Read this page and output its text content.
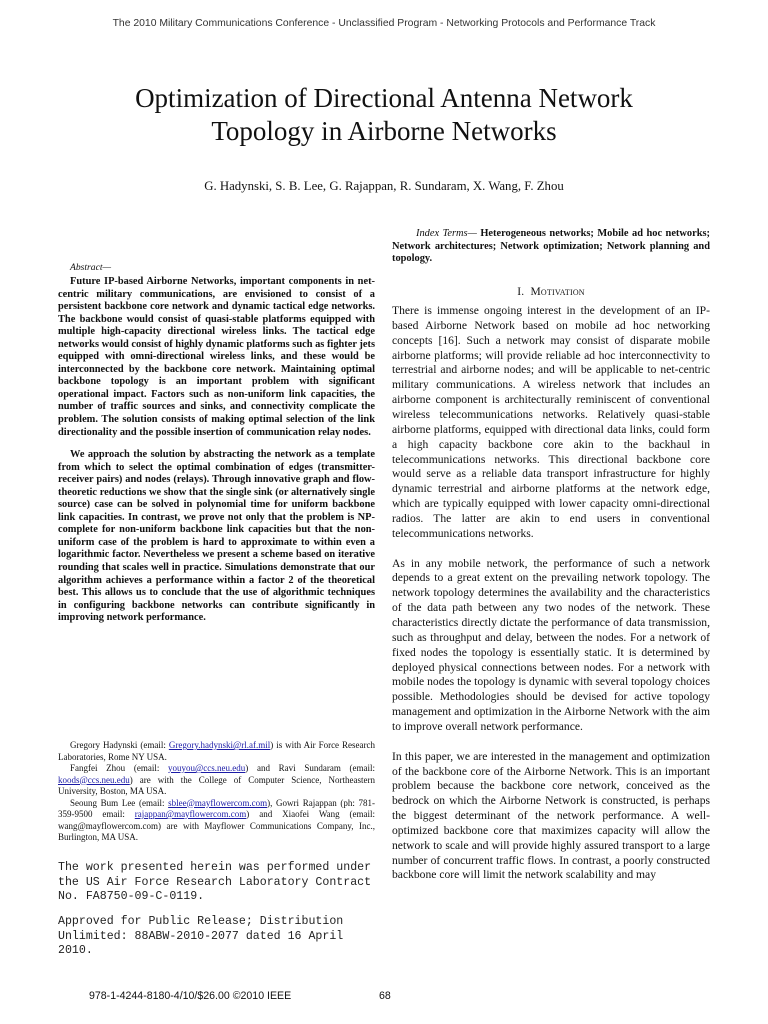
The 2010 Military Communications Conference - Unclassified Program - Networking Protocols and Performance Track
Optimization of Directional Antenna Network
Topology in Airborne Networks
G. Hadynski, S. B. Lee, G. Rajappan, R. Sundaram, X. Wang, F. Zhou

Abstract—

Future IP-based Airborne Networks, important components in net-centric military communications, are envisioned to consist of a persistent backbone core network and dynamic tactical edge networks. The backbone would consist of quasi-stable platforms equipped with multiple high-capacity directional wireless links. The tactical edge networks would consist of highly dynamic platforms such as fighter jets equipped with omni-directional wireless links, and these would be interconnected by the backbone core network. Maintaining optimal backbone topology is an important problem with significant operational impact. Factors such as non-uniform link capacities, the number of traffic sources and sinks, and connectivity complicate the problem. The solution consists of making optimal selection of the link directionality and the possible insertion of communication relay nodes.

We approach the solution by abstracting the network as a template from which to select the optimal combination of edges (transmitter-receiver pairs) and nodes (relays). Through innovative graph and flow-theoretic reductions we show that the single sink (or alternatively single source) case can be solved in polynomial time for uniform backbone link capacities. In contrast, we prove not only that the problem is NP-complete for non-uniform backbone link capacities but that the non-uniform case of the problem is hard to approximate to within even a logarithmic factor. Nevertheless we present a scheme based on iterative rounding that scales well in practice. Simulations demonstrate that our algorithm achieves a performance within a factor 2 of the theoretical best. This allows us to conclude that the use of algorithmic techniques in configuring backbone networks can contribute significantly in improving network performance.

Gregory Hadynski (email: Gregory.hadynski@rl.af.mil) is with Air Force Research Laboratories, Rome NY USA.

Fangfei Zhou (email: youyou@ccs.neu.edu) and Ravi Sundaram (email: koods@ccs.neu.edu) are with the College of Computer Science, Northeastern University, Boston, MA USA.

Seoung Bum Lee (email: sblee@mayflowercom.com), Gowri Rajappan (ph: 781-359-9500 email: rajappan@mayflowercom.com) and Xiaofei Wang (email: wang@mayflowercom.com) are with Mayflower Communications Company, Inc., Burlington, MA USA.

The work presented herein was performed under the US Air Force Research Laboratory Contract No. FA8750-09-C-0119.

Approved for Public Release; Distribution Unlimited: 88ABW-2010-2077 dated 16 April 2010.

Index Terms— Heterogeneous networks; Mobile ad hoc networks; Network architectures; Network optimization; Network planning and topology.

I. Motivation

There is immense ongoing interest in the development of an IP-based Airborne Network based on mobile ad hoc networking concepts [16]. Such a network may consist of disparate mobile airborne platforms; will provide reliable ad hoc interconnectivity to terrestrial and airborne nodes; and will be applicable to net-centric military communications. A wireless network that includes an airborne component is architecturally reminiscent of conventional wireless telecommunications networks. Relatively quasi-stable airborne platforms, equipped with directional data links, could form a high capacity backbone core akin to the backhaul in telecommunications networks. This directional backbone core would serve as a reliable data transport infrastructure for highly dynamic terrestrial and airborne platforms at the network edge, which are typically equipped with lower capacity omni-directional radios. The latter are akin to end users in conventional telecommunications networks.

As in any mobile network, the performance of such a network depends to a great extent on the prevailing network topology. The network topology determines the availability and the characteristics of the data path between any two nodes of the network. These characteristics directly dictate the performance of data transmission, such as throughput and delay, between the nodes. For a network of fixed nodes the topology is essentially static. It is determined by deployed physical connections between nodes. For a network with mobile nodes the topology is dynamic with several topology choices possible. Methodologies should be devised for active topology management and optimization in the Airborne Network with the aim to improve overall network performance.

In this paper, we are interested in the management and optimization of the backbone core of the Airborne Network. This is an important problem because the backbone core network, conceived as the bedrock on which the Airborne Network is constructed, is perhaps the biggest determinant of the network performance. A well-optimized backbone core that maximizes capacity will allow the network to scale and will provide highly assured transport to a large number of concurrent traffic flows. In contrast, a poorly constructed backbone core will limit the network scalability and may

978-1-4244-8180-4/10/$26.00 ©2010 IEEE	68
